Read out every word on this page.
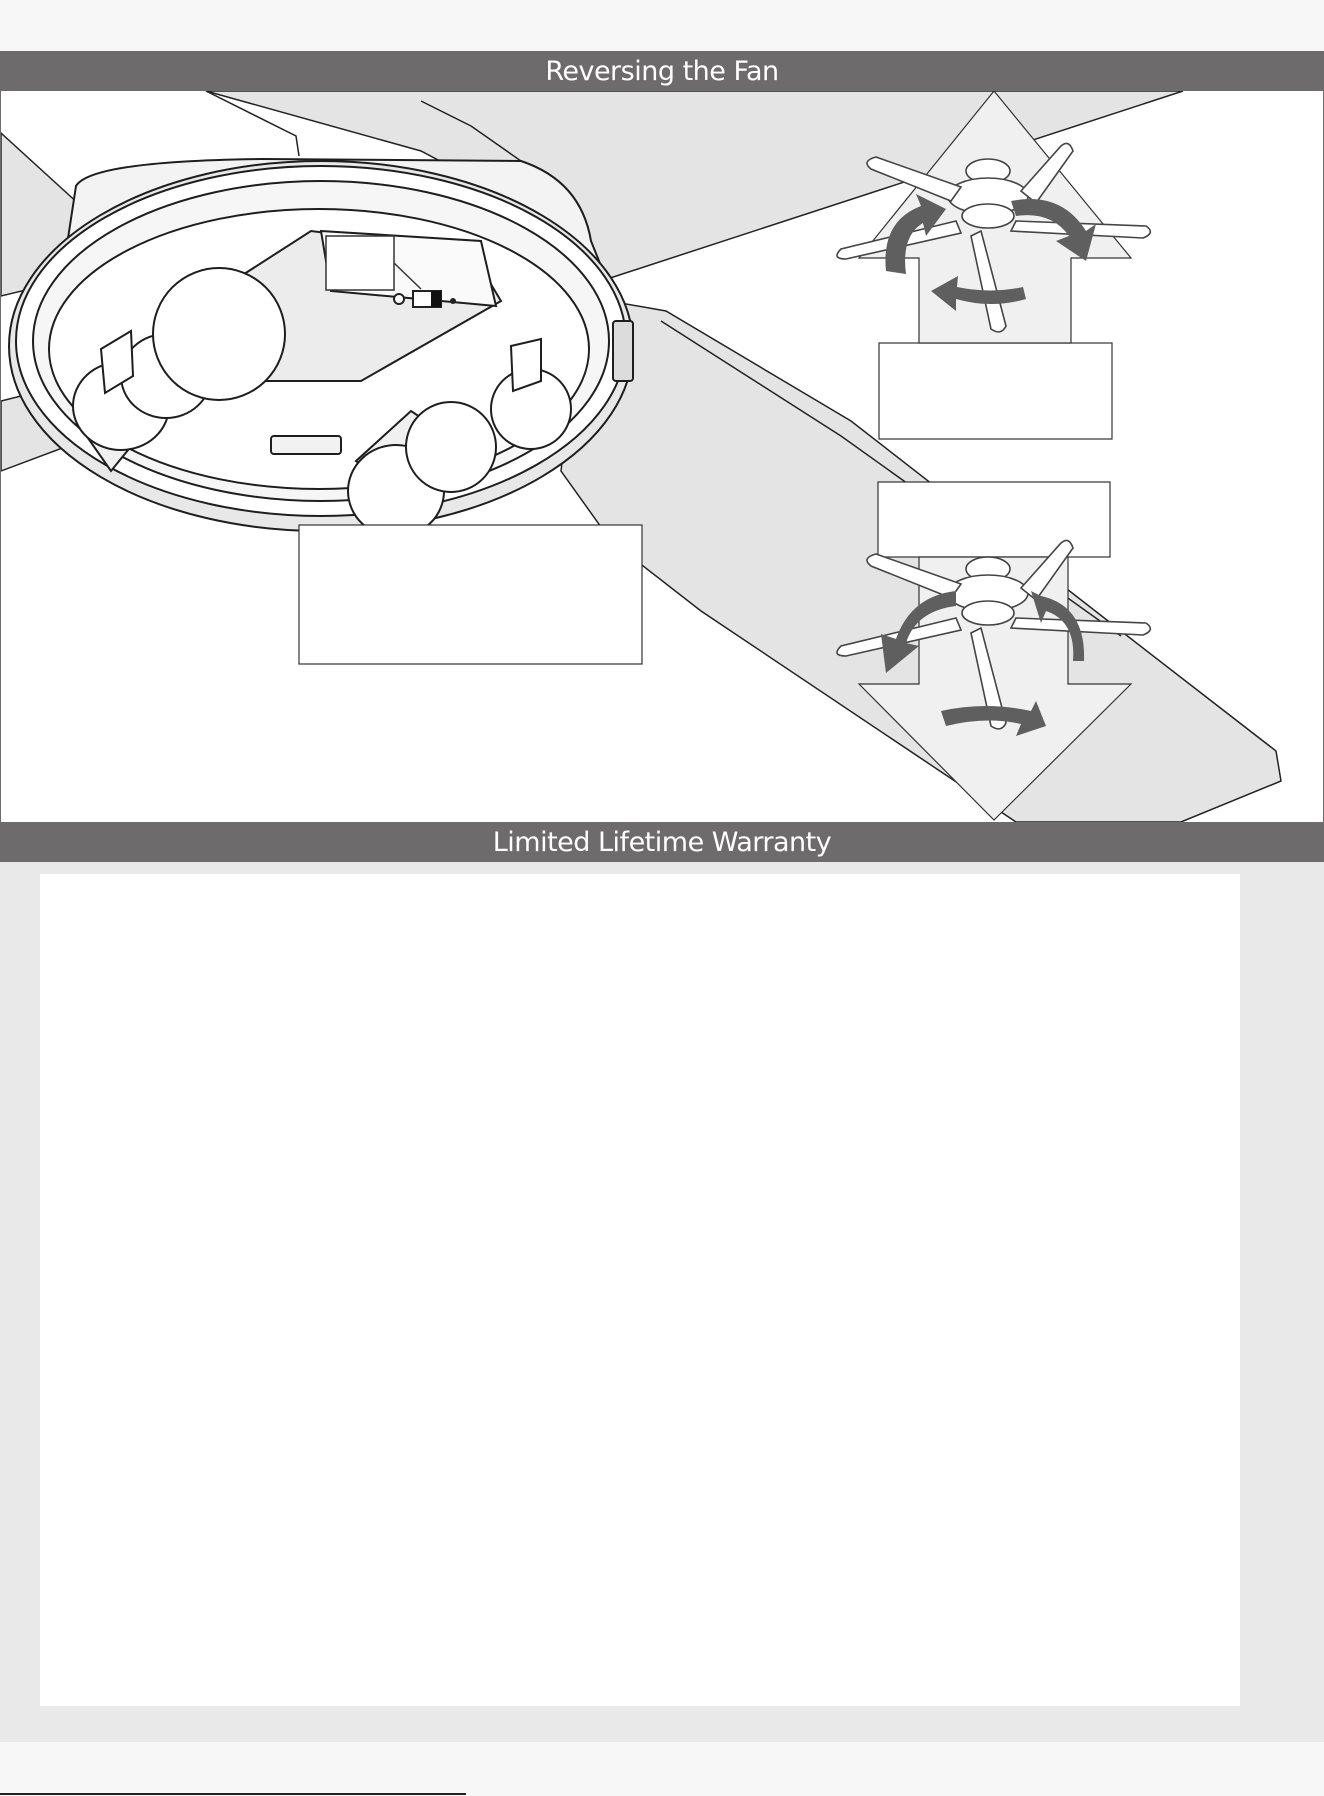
Reversing the Fan
Limited Lifetime Warranty
